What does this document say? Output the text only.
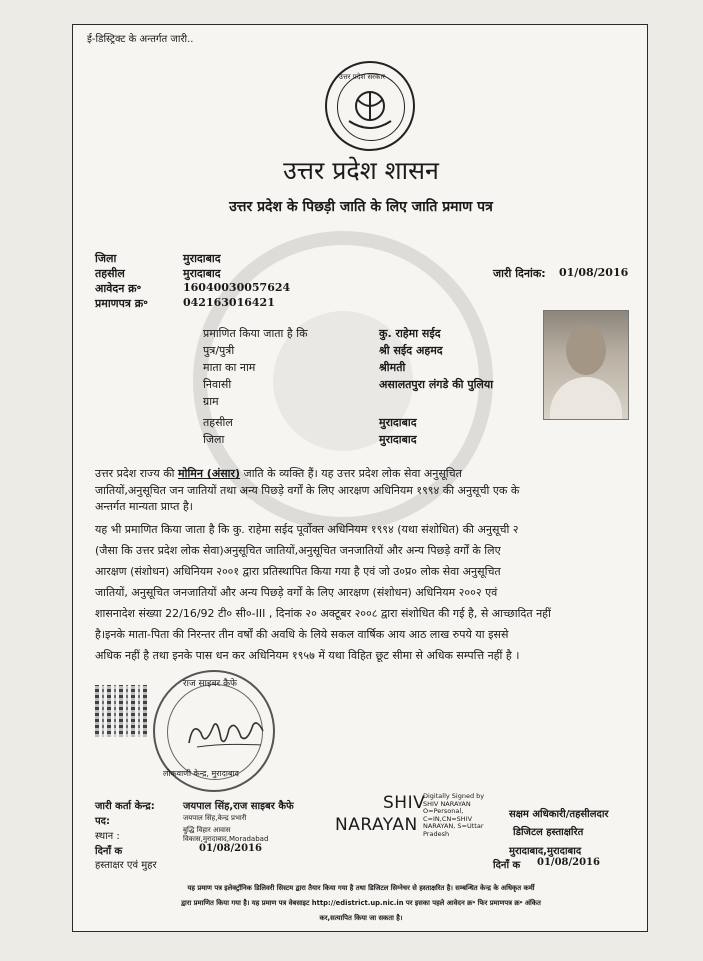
ई-डिस्ट्रिक्ट के अन्तर्गत जारी..
उत्तर प्रदेश सरकार
उत्तर प्रदेश शासन
उत्तर प्रदेश के पिछड़ी जाति के लिए जाति प्रमाण पत्र
जिला	मुरादाबाद
तहसील	मुरादाबाद
आवेदन क्र॰	16040030057624
प्रमाणपत्र क्र॰	042163016421
जारी दिनांक: 01/08/2016
प्रमाणित किया जाता है कि	कु. राहेमा सईद
पुत्र/पुत्री	श्री सईद अहमद
माता का नाम	श्रीमती
निवासी	असालतपुरा लंगडे की पुलिया
ग्राम
तहसील	मुरादाबाद
जिला	मुरादाबाद
उत्तर प्रदेश राज्य की मोमिन (अंसार) जाति के व्यक्ति हैं। यह उत्तर प्रदेश लोक सेवा अनुसूचित
जातियों,अनुसूचित जन जातियों तथा अन्य पिछड़े वर्गों के लिए आरक्षण अधिनियम १९९४ की अनुसूची एक के
अन्तर्गत मान्यता प्राप्त है।
यह भी प्रमाणित किया जाता है कि कु. राहेमा सईद पूर्वोक्त अधिनियम १९९४ (यथा संशोधित) की अनुसूची २
(जैसा कि उत्तर प्रदेश लोक सेवा)अनुसूचित जातियों,अनुसूचित जनजातियों और अन्य पिछड़े वर्गों के लिए
आरक्षण (संशोधन) अधिनियम २००१ द्वारा प्रतिस्थापित किया गया है एवं जो उ०प्र० लोक सेवा अनुसूचित
जातियों, अनुसूचित जनजातियों और अन्य पिछड़े वर्गों के लिए आरक्षण (संशोधन) अधिनियम २००२ एवं
शासनादेश संख्या 22/16/92 टी० सी०-III , दिनांक २० अक्टूबर २००८ द्वारा संशोधित की गई है, से आच्छादित नहीं
है।इनके माता-पिता की निरन्तर तीन वर्षों की अवधि के लिये सकल वार्षिक आय आठ लाख रुपये या इससे
अधिक नहीं है तथा इनके पास धन कर अधिनियम १९५७ में यथा विहित छूट सीमा से अधिक सम्पत्ति नहीं है ।
राज साइबर कैफे
लोकवाणी केन्द्र, मुरादाबाद
जारी कर्ता केन्द्र:	जयपाल सिंह,राज साइबर कैफे
पद:	जयपाल सिंह,केन्द्र प्रभारी
स्थान :
बुद्धि विहार आवास
विकास,मुरादाबाद,Moradabad
दिनाँ क	01/08/2016
हस्ताक्षर एवं मुहर
SHIV
NARAYAN
Digitally Signed by
SHIV NARAYAN
O=Personal,
C=IN,CN=SHIV
NARAYAN, S=Uttar
Pradesh
सक्षम अधिकारी/तहसीलदार
डिजिटल हस्ताक्षरित
मुरादाबाद,मुरादाबाद
दिनाँ क 01/08/2016
यह प्रमाण पत्र इलेक्ट्रॉनिक डिलिवरी सिस्टम द्वारा तैयार किया गया है तथा डिजिटल सिग्नेचर से हस्ताक्षरित है। सम्बन्धित केन्द्र के अधिकृत कर्मी
द्वारा प्रमाणित किया गया है। यह प्रमाण पत्र वेबसाइट http://edistrict.up.nic.in पर इसका पहले आवेदन क्र॰ फिर प्रमाणपत्र क्र॰ अंकित
कर,सत्यापित किया जा सकता है।
